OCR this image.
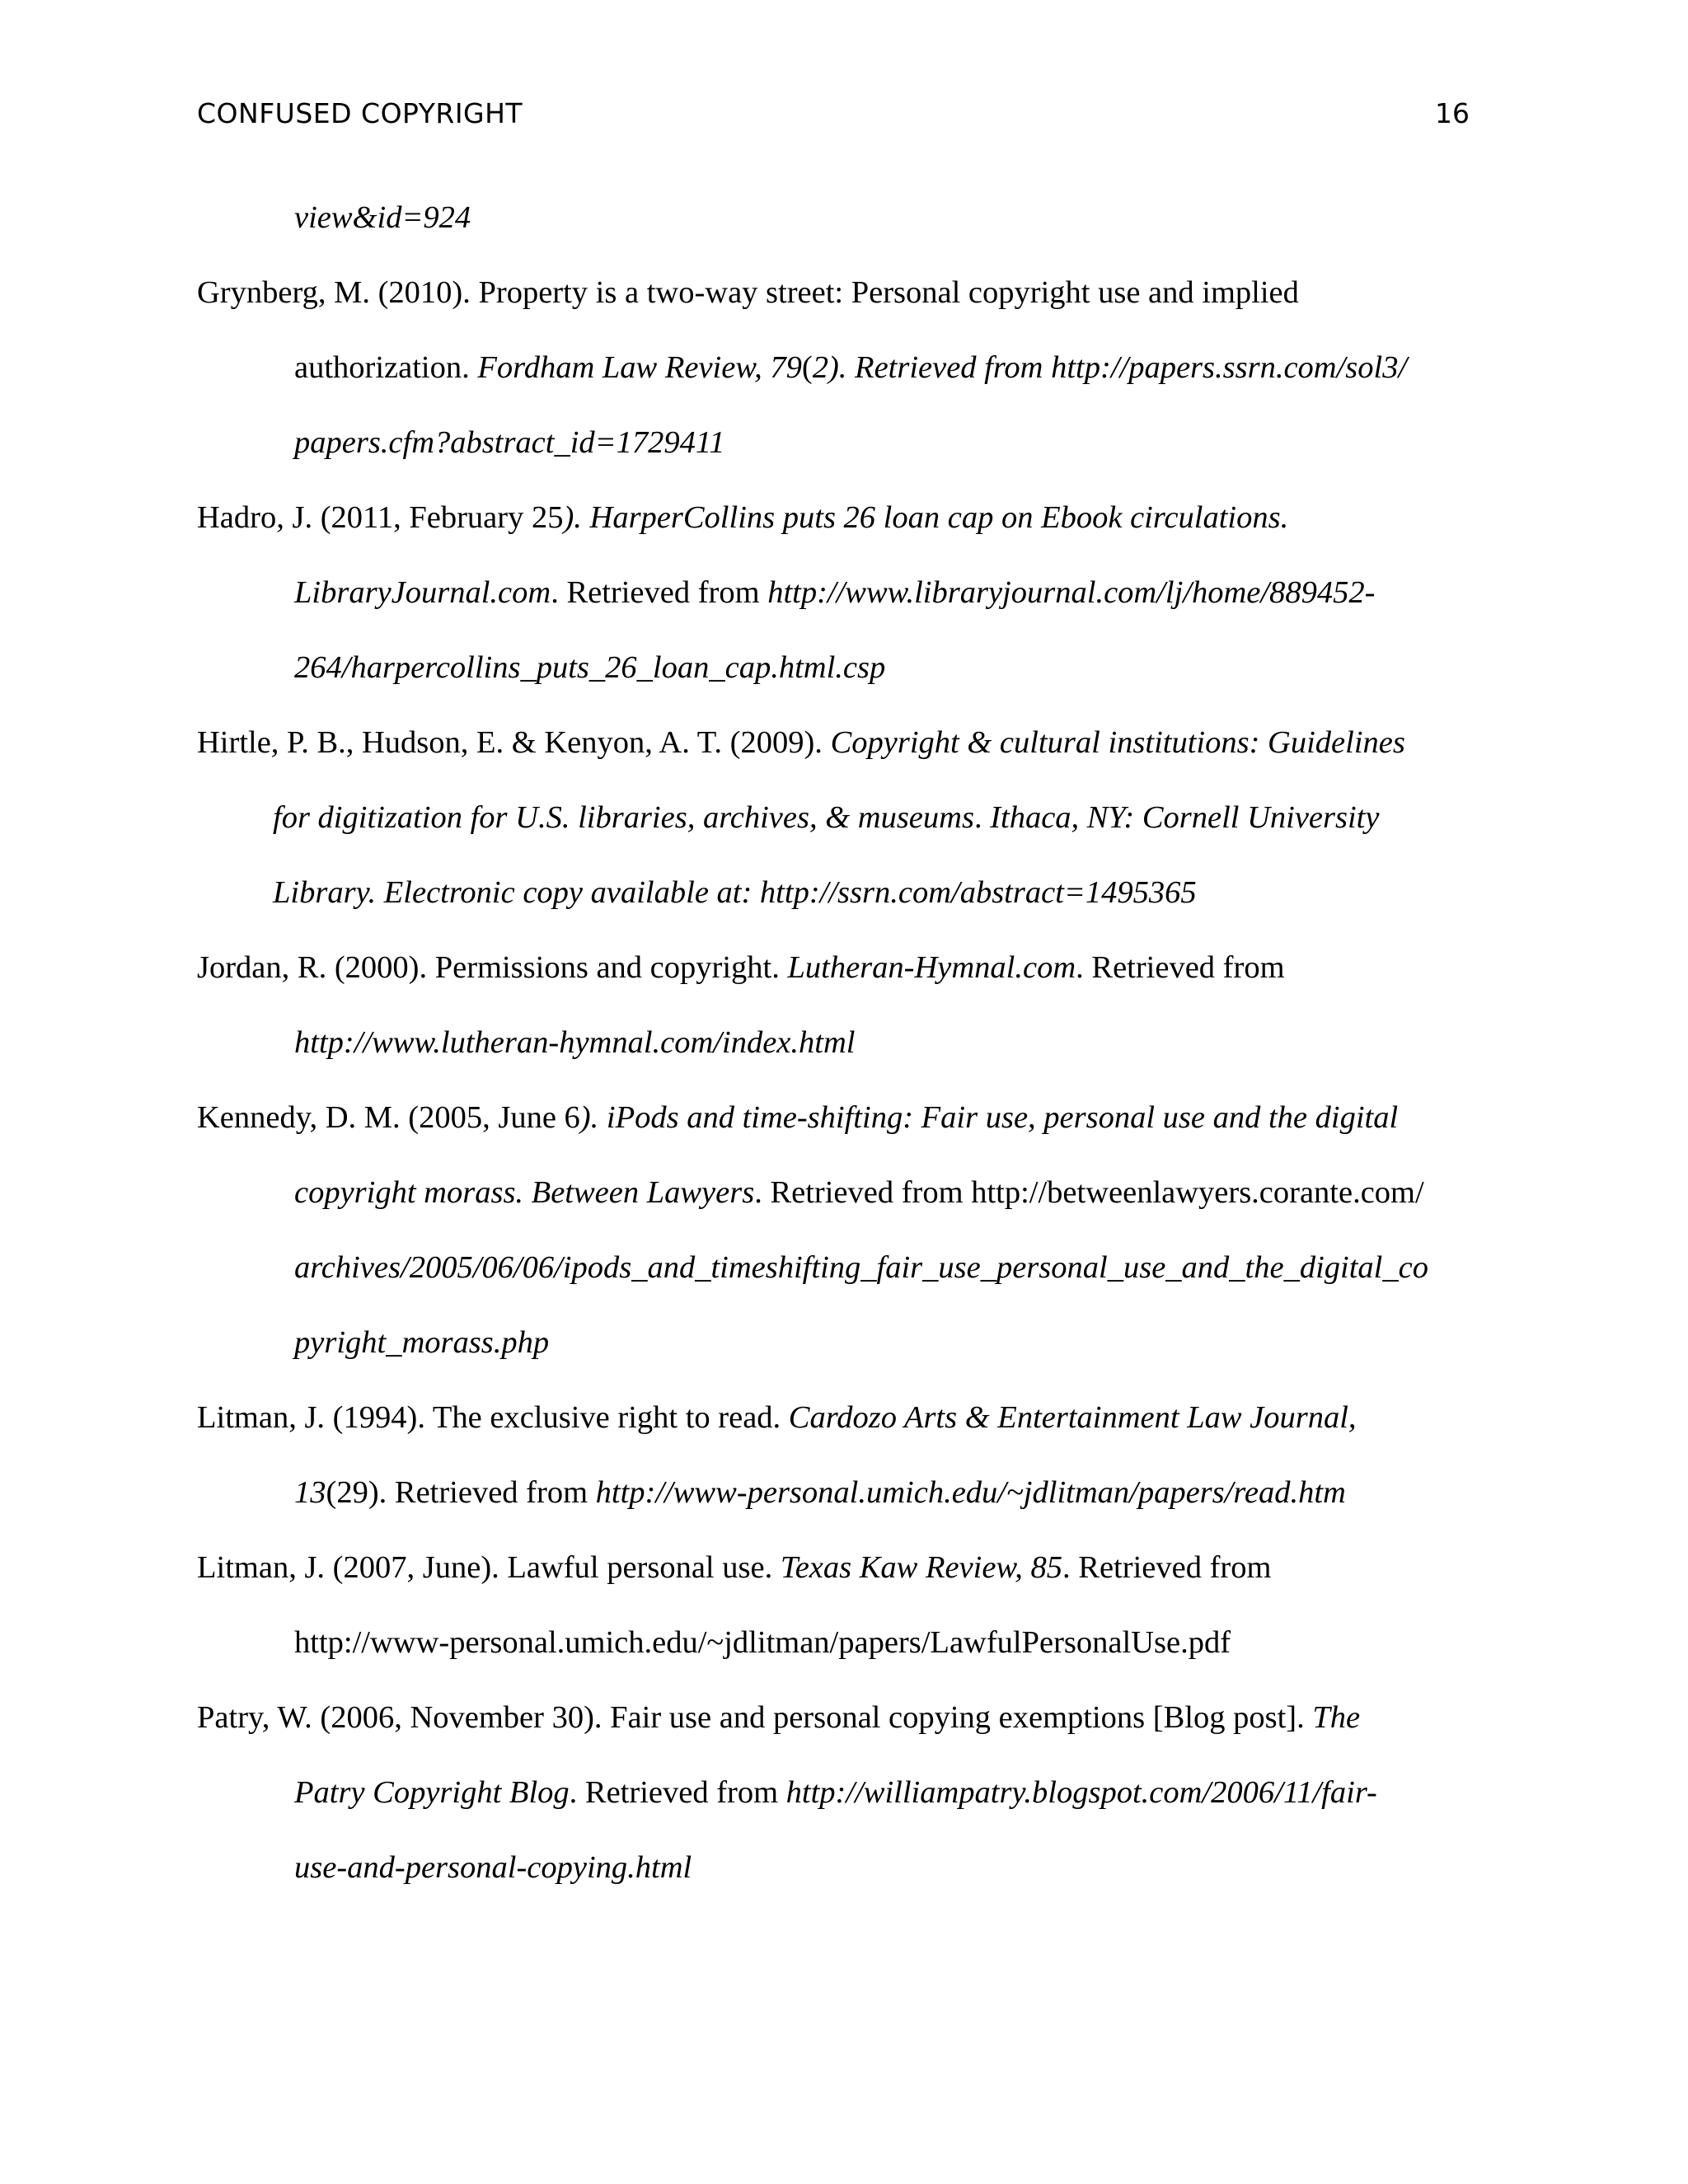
CONFUSED COPYRIGHT	16
view&id=924
Grynberg, M. (2010). Property is a two-way street: Personal copyright use and implied
authorization. Fordham Law Review, 79(2). Retrieved from http://papers.ssrn.com/sol3/
papers.cfm?abstract_id=1729411
Hadro, J. (2011, February 25). HarperCollins puts 26 loan cap on Ebook circulations.
LibraryJournal.com. Retrieved from http://www.libraryjournal.com/lj/home/889452-
264/harpercollins_puts_26_loan_cap.html.csp
Hirtle, P. B., Hudson, E. & Kenyon, A. T. (2009). Copyright & cultural institutions: Guidelines
for digitization for U.S. libraries, archives, & museums. Ithaca, NY: Cornell University
Library. Electronic copy available at: http://ssrn.com/abstract=1495365
Jordan, R. (2000). Permissions and copyright. Lutheran-Hymnal.com. Retrieved from
http://www.lutheran-hymnal.com/index.html
Kennedy, D. M. (2005, June 6). iPods and time-shifting: Fair use, personal use and the digital
copyright morass. Between Lawyers. Retrieved from http://betweenlawyers.corante.com/
archives/2005/06/06/ipods_and_timeshifting_fair_use_personal_use_and_the_digital_co
pyright_morass.php
Litman, J. (1994). The exclusive right to read. Cardozo Arts & Entertainment Law Journal,
13(29). Retrieved from http://www-personal.umich.edu/~jdlitman/papers/read.htm
Litman, J. (2007, June). Lawful personal use. Texas Kaw Review, 85. Retrieved from
http://www-personal.umich.edu/~jdlitman/papers/LawfulPersonalUse.pdf
Patry, W. (2006, November 30). Fair use and personal copying exemptions [Blog post]. The
Patry Copyright Blog. Retrieved from http://williampatry.blogspot.com/2006/11/fair-
use-and-personal-copying.html
